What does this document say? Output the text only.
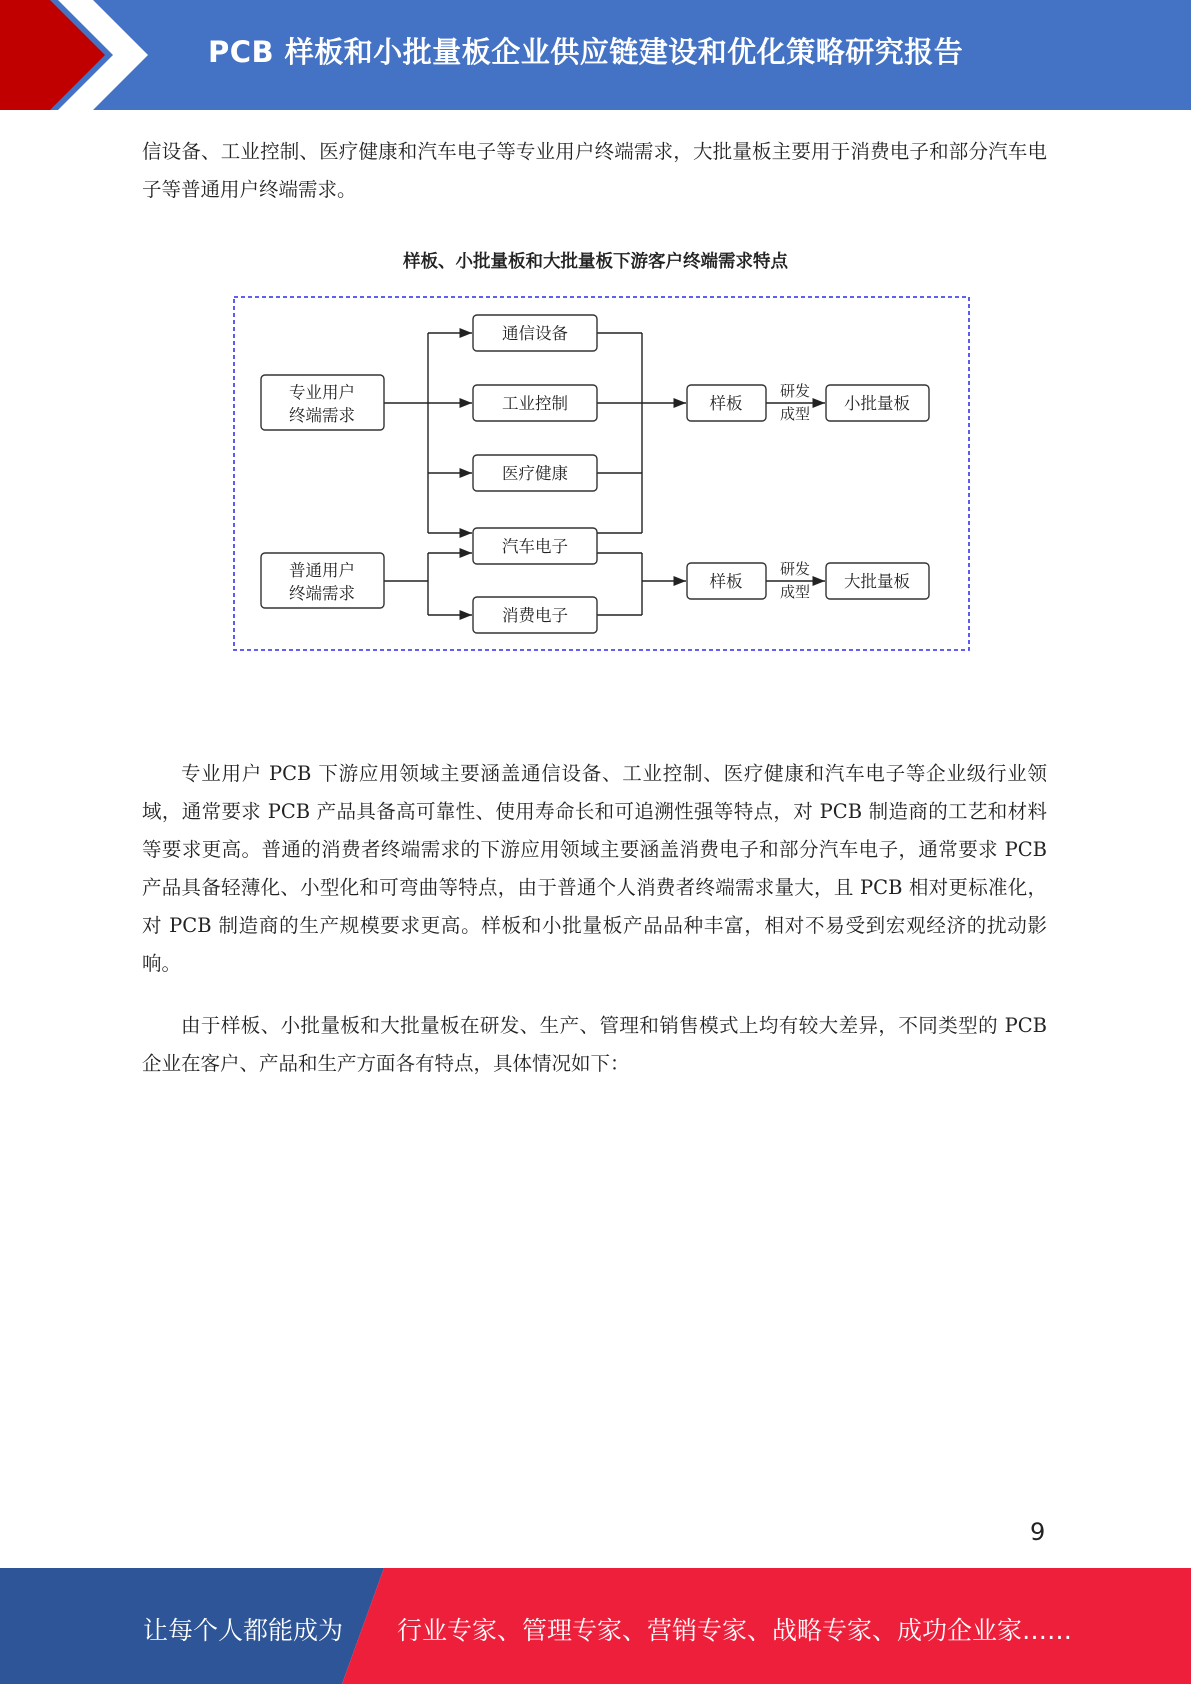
PCB 样板和小批量板企业供应链建设和优化策略研究报告

信设备、工业控制、医疗健康和汽车电子等专业用户终端需求，大批量板主要用于消费电子和部分汽车电子等普通用户终端需求。

样板、小批量板和大批量板下游客户终端需求特点
专业用户
终端需求
普通用户
终端需求
通信设备
工业控制
医疗健康
汽车电子
消费电子
样板
样板
小批量板
大批量板
研发
成型
研发
成型

专业用户 PCB 下游应用领域主要涵盖通信设备、工业控制、医疗健康和汽车电子等企业级行业领域，通常要求 PCB 产品具备高可靠性、使用寿命长和可追溯性强等特点，对 PCB 制造商的工艺和材料等要求更高。普通的消费者终端需求的下游应用领域主要涵盖消费电子和部分汽车电子，通常要求 PCB 产品具备轻薄化、小型化和可弯曲等特点，由于普通个人消费者终端需求量大，且 PCB 相对更标准化，对 PCB 制造商的生产规模要求更高。样板和小批量板产品品种丰富，相对不易受到宏观经济的扰动影响。

由于样板、小批量板和大批量板在研发、生产、管理和销售模式上均有较大差异，不同类型的 PCB 企业在客户、产品和生产方面各有特点，具体情况如下：

9
让每个人都能成为 行业专家、管理专家、营销专家、战略专家、成功企业家……
